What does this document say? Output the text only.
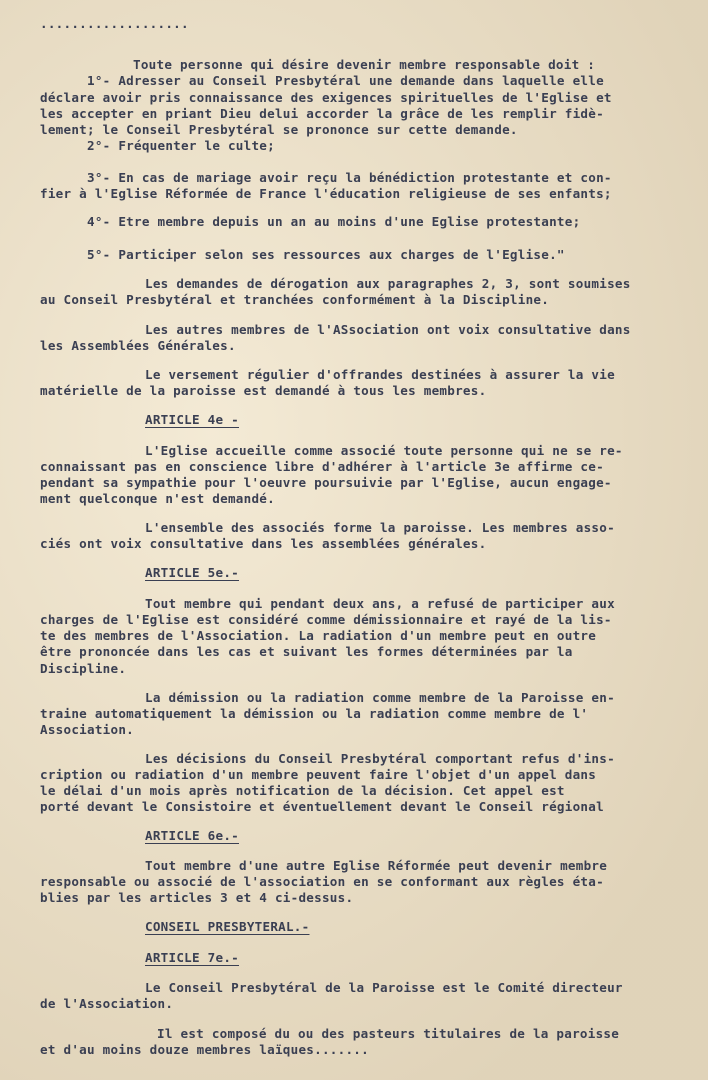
...................
Toute personne qui désire devenir membre responsable doit :
1°- Adresser au Conseil Presbytéral une demande dans laquelle elle
déclare avoir pris connaissance des exigences spirituelles de l'Eglise et
les accepter en priant Dieu delui accorder la grâce de les remplir fidè-
lement; le Conseil Presbytéral se prononce sur cette demande.
2°- Fréquenter le culte;
3°- En cas de mariage avoir reçu la bénédiction protestante et con-
fier à l'Eglise Réformée de France l'éducation religieuse de ses enfants;
4°- Etre membre depuis un an au moins d'une Eglise protestante;
5°- Participer selon ses ressources aux charges de l'Eglise."
Les demandes de dérogation aux paragraphes 2, 3, sont soumises
au Conseil Presbytéral et tranchées conformément à la Discipline.
Les autres membres de l'ASsociation ont voix consultative dans
les Assemblées Générales.
Le versement régulier d'offrandes destinées à assurer la vie
matérielle de la paroisse est demandé à tous les membres.
ARTICLE 4e -
L'Eglise accueille comme associé toute personne qui ne se re-
connaissant pas en conscience libre d'adhérer à l'article 3e affirme ce-
pendant sa sympathie pour l'oeuvre poursuivie par l'Eglise, aucun engage-
ment quelconque n'est demandé.
L'ensemble des associés forme la paroisse. Les membres asso-
ciés ont voix consultative dans les assemblées générales.
ARTICLE 5e.-
Tout membre qui pendant deux ans, a refusé de participer aux
charges de l'Eglise est considéré comme démissionnaire et rayé de la lis-
te des membres de l'Association. La radiation d'un membre peut en outre
être prononcée dans les cas et suivant les formes déterminées par la
Discipline.
La démission ou la radiation comme membre de la Paroisse en-
traine automatiquement la démission ou la radiation comme membre de l'
Association.
Les décisions du Conseil Presbytéral comportant refus d'ins-
cription ou radiation d'un membre peuvent faire l'objet d'un appel dans
le délai d'un mois après notification de la décision. Cet appel est
porté devant le Consistoire et éventuellement devant le Conseil régional
ARTICLE 6e.-
Tout membre d'une autre Eglise Réformée peut devenir membre
responsable ou associé de l'association en se conformant aux règles éta-
blies par les articles 3 et 4 ci-dessus.
CONSEIL PRESBYTERAL.-
ARTICLE 7e.-
Le Conseil Presbytéral de la Paroisse est le Comité directeur
de l'Association.
Il est composé du ou des pasteurs titulaires de la paroisse
et d'au moins douze membres laïques.......
